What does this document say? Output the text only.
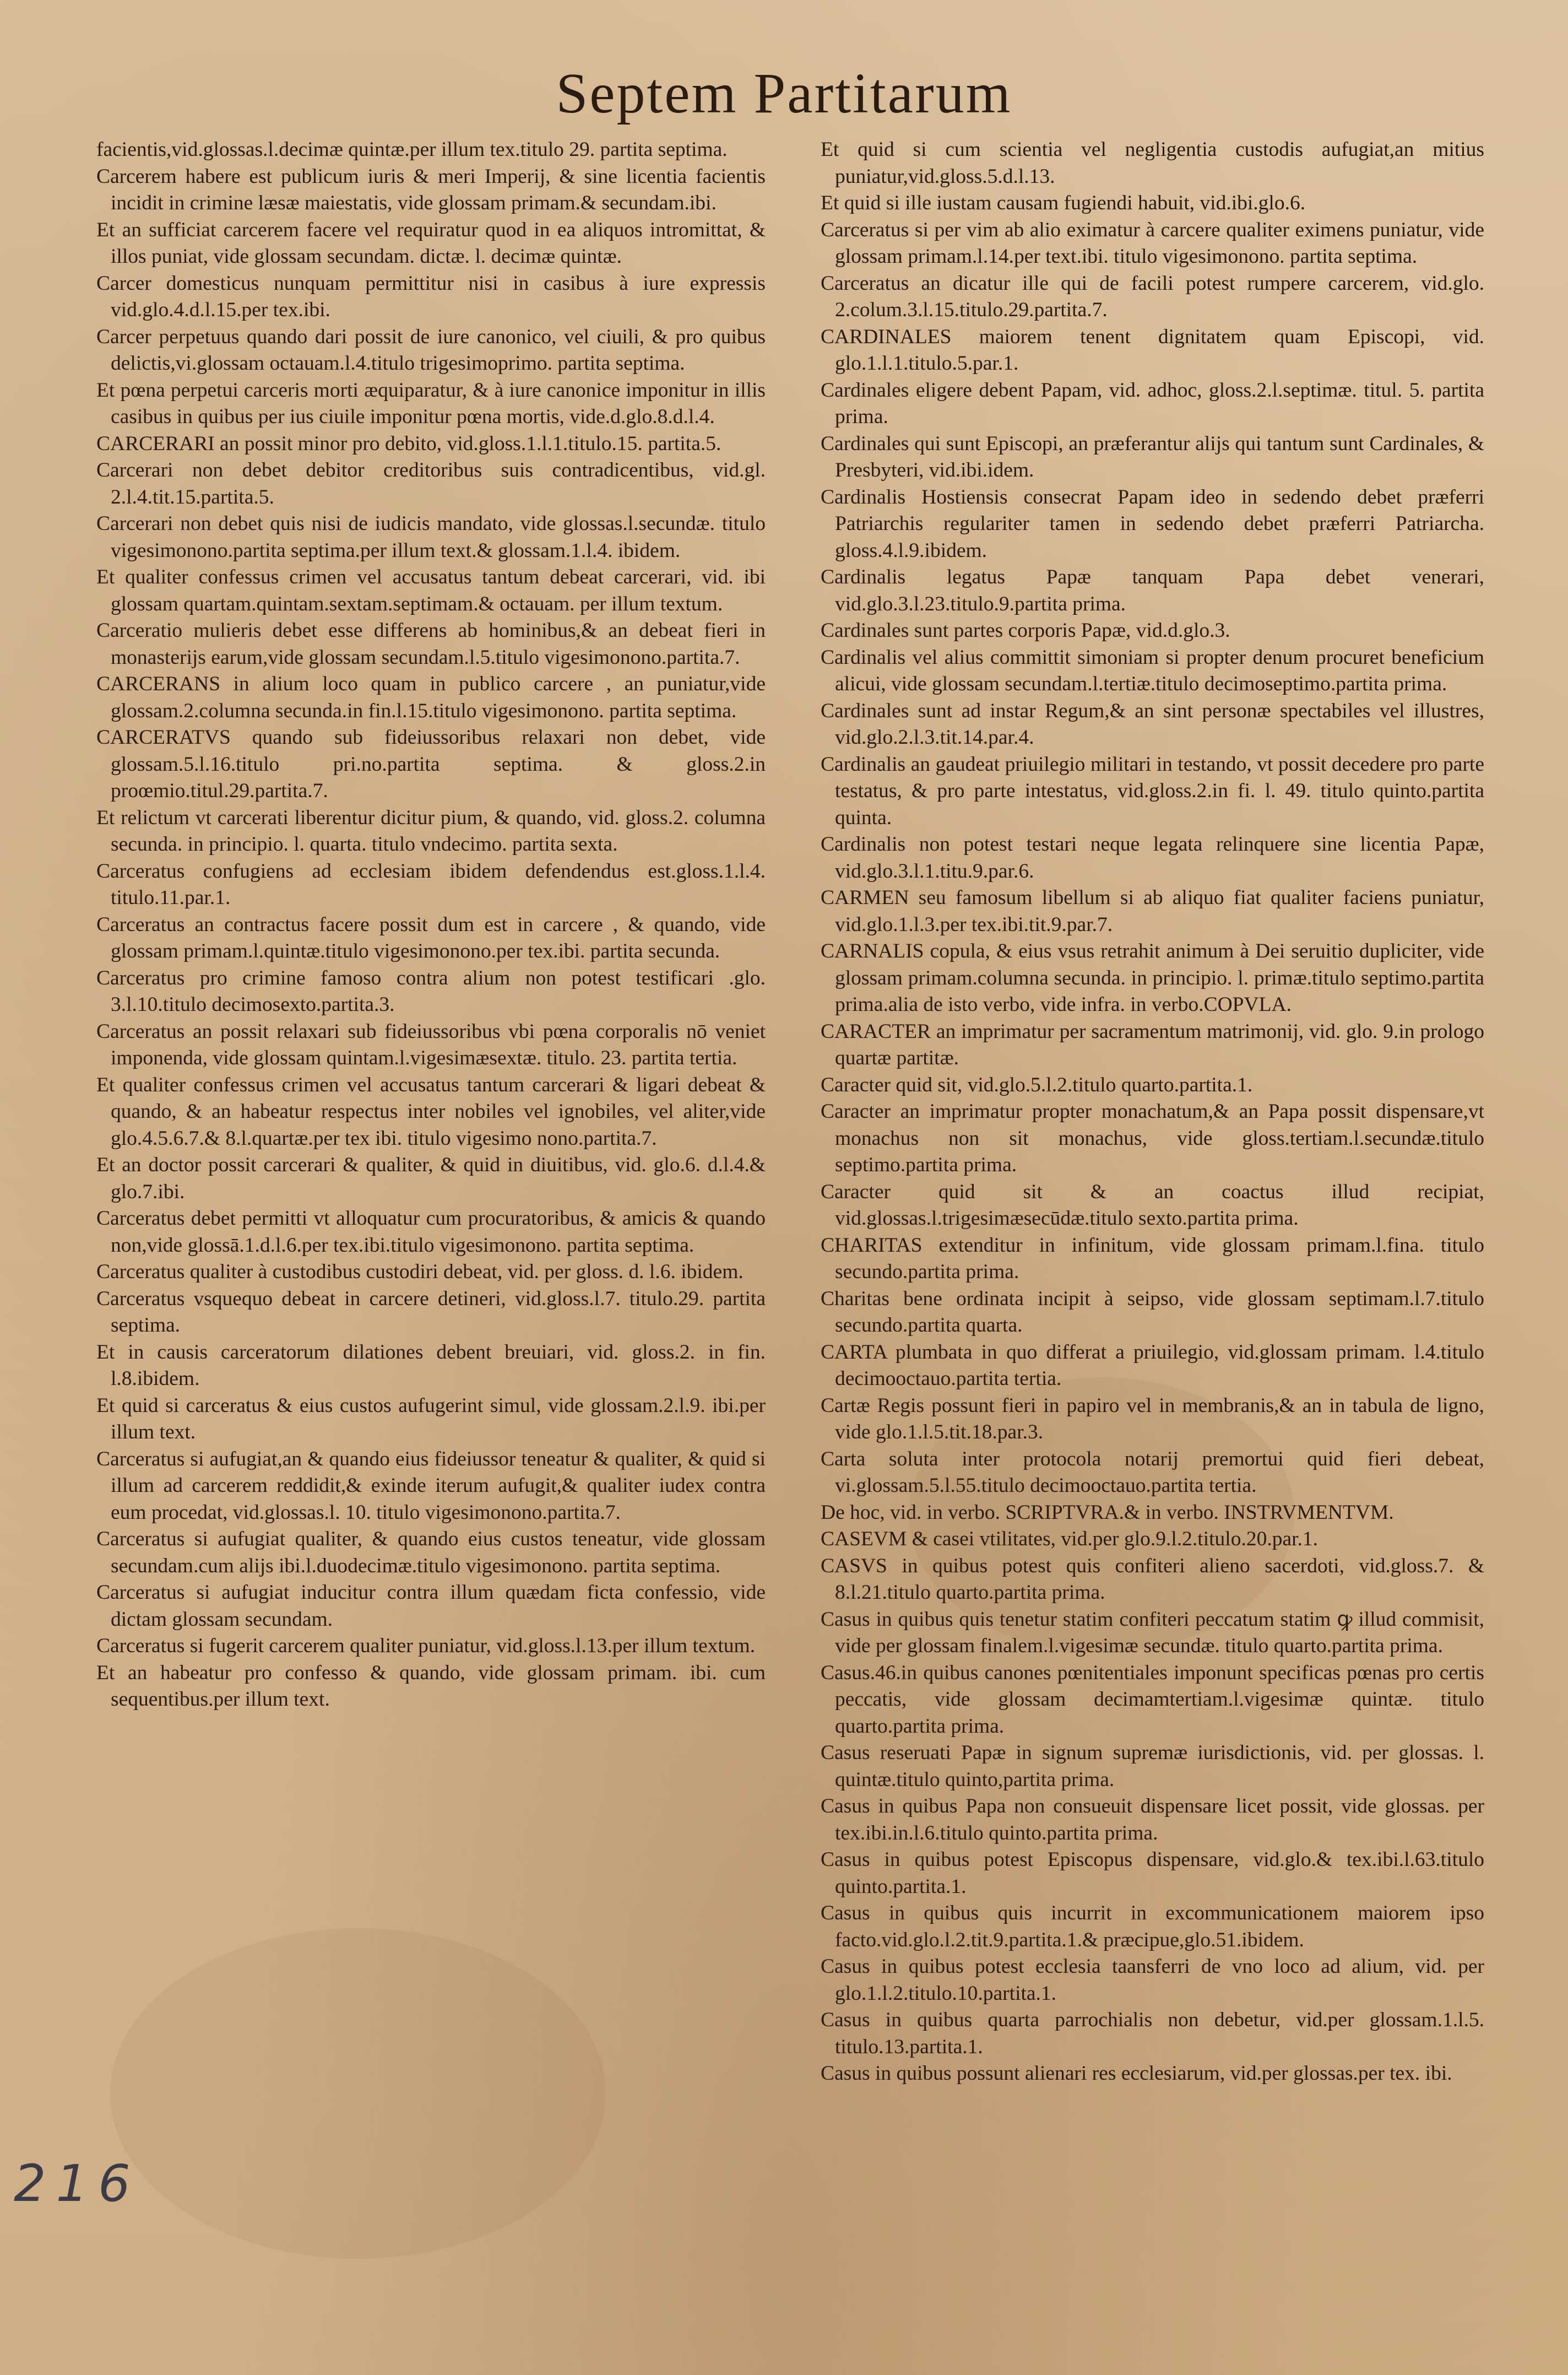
Septem Partitarum

facientis,vid.glossas.l.decimæ quintæ.per illum tex.titulo 29. partita septima.

Carcerem habere est publicum iuris & meri Imperij, & sine licentia facientis incidit in crimine læsæ maiestatis, vide glossam primam.& secundam.ibi.

Et an sufficiat carcerem facere vel requiratur quod in ea aliquos intromittat, & illos puniat, vide glossam secundam. dictæ. l. decimæ quintæ.

Carcer domesticus nunquam permittitur nisi in casibus à iure expressis vid.glo.4.d.l.15.per tex.ibi.

Carcer perpetuus quando dari possit de iure canonico, vel ciuili, & pro quibus delictis,vi.glossam octauam.l.4.titulo trigesimoprimo. partita septima.

Et pœna perpetui carceris morti æquiparatur, & à iure canonice imponitur in illis casibus in quibus per ius ciuile imponitur pœna mortis, vide.d.glo.8.d.l.4.

CARCERARI an possit minor pro debito, vid.gloss.1.l.1.titulo.15. partita.5.

Carcerari non debet debitor creditoribus suis contradicentibus, vid.gl. 2.l.4.tit.15.partita.5.

Carcerari non debet quis nisi de iudicis mandato, vide glossas.l.secundæ. titulo vigesimonono.partita septima.per illum text.& glossam.1.l.4. ibidem.

Et qualiter confessus crimen vel accusatus tantum debeat carcerari, vid. ibi glossam quartam.quintam.sextam.septimam.& octauam. per illum textum.

Carceratio mulieris debet esse differens ab hominibus,& an debeat fieri in monasterijs earum,vide glossam secundam.l.5.titulo vigesimonono.partita.7.

CARCERANS in alium loco quam in publico carcere , an puniatur,vide glossam.2.columna secunda.in fin.l.15.titulo vigesimonono. partita septima.

CARCERATVS quando sub fideiussoribus relaxari non debet, vide glossam.5.l.16.titulo pri.no.partita septima. & gloss.2.in proœmio.titul.29.partita.7.

Et relictum vt carcerati liberentur dicitur pium, & quando, vid. gloss.2. columna secunda. in principio. l. quarta. titulo vndecimo. partita sexta.

Carceratus confugiens ad ecclesiam ibidem defendendus est.gloss.1.l.4. titulo.11.par.1.

Carceratus an contractus facere possit dum est in carcere , & quando, vide glossam primam.l.quintæ.titulo vigesimonono.per tex.ibi. partita secunda.

Carceratus pro crimine famoso contra alium non potest testificari .glo. 3.l.10.titulo decimosexto.partita.3.

Carceratus an possit relaxari sub fideiussoribus vbi pœna corporalis nō veniet imponenda, vide glossam quintam.l.vigesimæsextæ. titulo. 23. partita tertia.

Et qualiter confessus crimen vel accusatus tantum carcerari & ligari debeat & quando, & an habeatur respectus inter nobiles vel ignobiles, vel aliter,vide glo.4.5.6.7.& 8.l.quartæ.per tex ibi. titulo vigesimo nono.partita.7.

Et an doctor possit carcerari & qualiter, & quid in diuitibus, vid. glo.6. d.l.4.& glo.7.ibi.

Carceratus debet permitti vt alloquatur cum procuratoribus, & amicis & quando non,vide glossā.1.d.l.6.per tex.ibi.titulo vigesimonono. partita septima.

Carceratus qualiter à custodibus custodiri debeat, vid. per gloss. d. l.6. ibidem.

Carceratus vsquequo debeat in carcere detineri, vid.gloss.l.7. titulo.29. partita septima.

Et in causis carceratorum dilationes debent breuiari, vid. gloss.2. in fin. l.8.ibidem.

Et quid si carceratus & eius custos aufugerint simul, vide glossam.2.l.9. ibi.per illum text.

Carceratus si aufugiat,an & quando eius fideiussor teneatur & qualiter, & quid si illum ad carcerem reddidit,& exinde iterum aufugit,& qualiter iudex contra eum procedat, vid.glossas.l. 10. titulo vigesimonono.partita.7.

Carceratus si aufugiat qualiter, & quando eius custos teneatur, vide glossam secundam.cum alijs ibi.l.duodecimæ.titulo vigesimonono. partita septima.

Carceratus si aufugiat inducitur contra illum quædam ficta confessio, vide dictam glossam secundam.

Carceratus si fugerit carcerem qualiter puniatur, vid.gloss.l.13.per illum textum.

Et an habeatur pro confesso & quando, vide glossam primam. ibi. cum sequentibus.per illum text.

Et quid si cum scientia vel negligentia custodis aufugiat,an mitius puniatur,vid.gloss.5.d.l.13.

Et quid si ille iustam causam fugiendi habuit, vid.ibi.glo.6.

Carceratus si per vim ab alio eximatur à carcere qualiter eximens puniatur, vide glossam primam.l.14.per text.ibi. titulo vigesimonono. partita septima.

Carceratus an dicatur ille qui de facili potest rumpere carcerem, vid.glo. 2.colum.3.l.15.titulo.29.partita.7.

CARDINALES maiorem tenent dignitatem quam Episcopi, vid. glo.1.l.1.titulo.5.par.1.

Cardinales eligere debent Papam, vid. adhoc, gloss.2.l.septimæ. titul. 5. partita prima.

Cardinales qui sunt Episcopi, an præferantur alijs qui tantum sunt Cardinales, & Presbyteri, vid.ibi.idem.

Cardinalis Hostiensis consecrat Papam ideo in sedendo debet præferri Patriarchis regulariter tamen in sedendo debet præferri Patriarcha. gloss.4.l.9.ibidem.

Cardinalis legatus Papæ tanquam Papa debet venerari, vid.glo.3.l.23.titulo.9.partita prima.

Cardinales sunt partes corporis Papæ, vid.d.glo.3.

Cardinalis vel alius committit simoniam si propter denum procuret beneficium alicui, vide glossam secundam.l.tertiæ.titulo decimoseptimo.partita prima.

Cardinales sunt ad instar Regum,& an sint personæ spectabiles vel illustres, vid.glo.2.l.3.tit.14.par.4.

Cardinalis an gaudeat priuilegio militari in testando, vt possit decedere pro parte testatus, & pro parte intestatus, vid.gloss.2.in fi. l. 49. titulo quinto.partita quinta.

Cardinalis non potest testari neque legata relinquere sine licentia Papæ, vid.glo.3.l.1.titu.9.par.6.

CARMEN seu famosum libellum si ab aliquo fiat qualiter faciens puniatur, vid.glo.1.l.3.per tex.ibi.tit.9.par.7.

CARNALIS copula, & eius vsus retrahit animum à Dei seruitio dupliciter, vide glossam primam.columna secunda. in principio. l. primæ.titulo septimo.partita prima.alia de isto verbo, vide infra. in verbo.COPVLA.

CARACTER an imprimatur per sacramentum matrimonij, vid. glo. 9.in prologo quartæ partitæ.

Caracter quid sit, vid.glo.5.l.2.titulo quarto.partita.1.

Caracter an imprimatur propter monachatum,& an Papa possit dispensare,vt monachus non sit monachus, vide gloss.tertiam.l.secundæ.titulo septimo.partita prima.

Caracter quid sit & an coactus illud recipiat, vid.glossas.l.trigesimæsecūdæ.titulo sexto.partita prima.

CHARITAS extenditur in infinitum, vide glossam primam.l.fina. titulo secundo.partita prima.

Charitas bene ordinata incipit à seipso, vide glossam septimam.l.7.titulo secundo.partita quarta.

CARTA plumbata in quo differat a priuilegio, vid.glossam primam. l.4.titulo decimooctauo.partita tertia.

Cartæ Regis possunt fieri in papiro vel in membranis,& an in tabula de ligno, vide glo.1.l.5.tit.18.par.3.

Carta soluta inter protocola notarij premortui quid fieri debeat, vi.glossam.5.l.55.titulo decimooctauo.partita tertia.

De hoc, vid. in verbo. SCRIPTVRA.& in verbo. INSTRVMENTVM.

CASEVM & casei vtilitates, vid.per glo.9.l.2.titulo.20.par.1.

CASVS in quibus potest quis confiteri alieno sacerdoti, vid.gloss.7. & 8.l.21.titulo quarto.partita prima.

Casus in quibus quis tenetur statim confiteri peccatum statim ꝙ illud commisit, vide per glossam finalem.l.vigesimæ secundæ. titulo quarto.partita prima.

Casus.46.in quibus canones pœnitentiales imponunt specificas pœnas pro certis peccatis, vide glossam decimamtertiam.l.vigesimæ quintæ. titulo quarto.partita prima.

Casus reseruati Papæ in signum supremæ iurisdictionis, vid. per glossas. l. quintæ.titulo quinto,partita prima.

Casus in quibus Papa non consueuit dispensare licet possit, vide glossas. per tex.ibi.in.l.6.titulo quinto.partita prima.

Casus in quibus potest Episcopus dispensare, vid.glo.& tex.ibi.l.63.titulo quinto.partita.1.

Casus in quibus quis incurrit in excommunicationem maiorem ipso facto.vid.glo.l.2.tit.9.partita.1.& præcipue,glo.51.ibidem.

Casus in quibus potest ecclesia taansferri de vno loco ad alium, vid. per glo.1.l.2.titulo.10.partita.1.

Casus in quibus quarta parrochialis non debetur, vid.per glossam.1.l.5. titulo.13.partita.1.

Casus in quibus possunt alienari res ecclesiarum, vid.per glossas.per tex. ibi.

216
